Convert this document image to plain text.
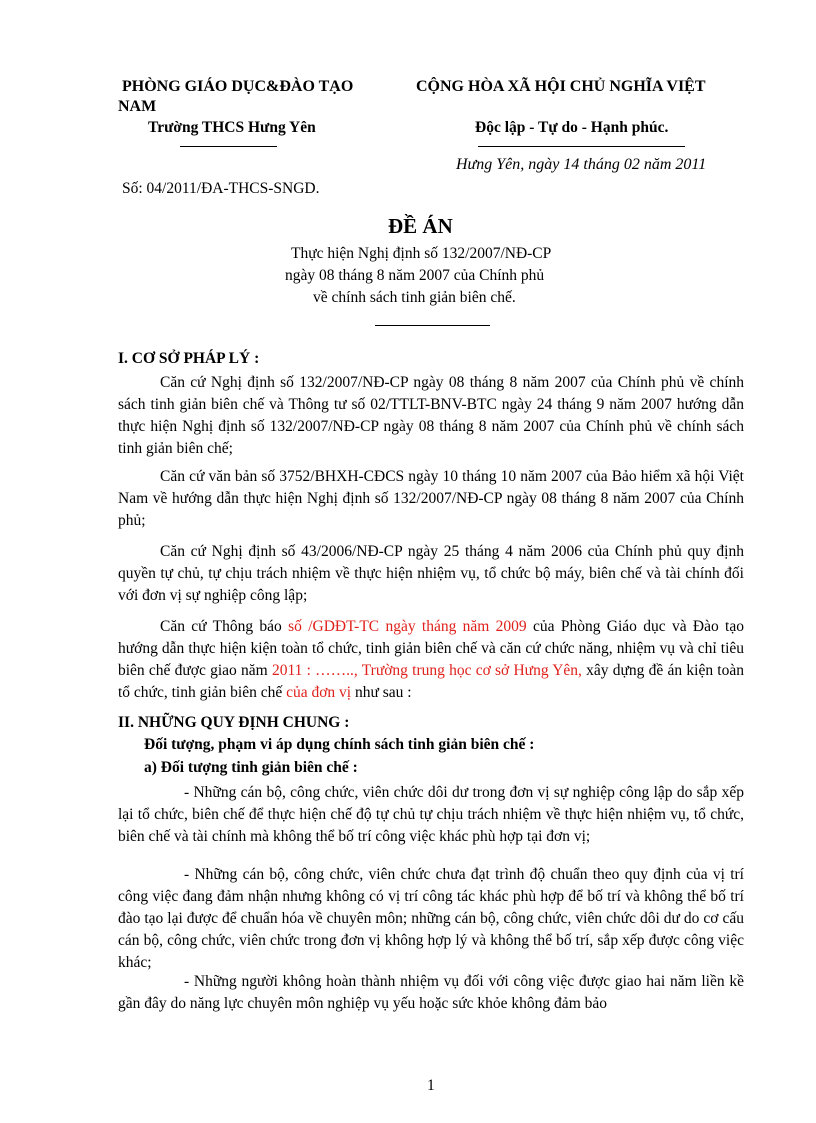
PHÒNG GIÁO DỤC&ĐÀO TẠO
NAM
Trường THCS Hưng Yên
CỘNG HÒA XÃ HỘI CHỦ NGHĨA VIỆT
Độc lập - Tự do - Hạnh phúc.
Hưng Yên, ngày 14 tháng 02 năm 2011
Số: 04/2011/ĐA-THCS-SNGD.
ĐỀ ÁN
Thực hiện Nghị định số 132/2007/NĐ-CP
ngày 08 tháng 8 năm 2007 của Chính phủ
về chính sách tinh giản biên chế.
I. CƠ SỞ PHÁP LÝ :
Căn cứ Nghị định số 132/2007/NĐ-CP ngày 08 tháng 8 năm 2007 của Chính phủ về chính sách tinh giản biên chế và Thông tư số 02/TTLT-BNV-BTC ngày 24 tháng 9 năm 2007 hướng dẫn thực hiện Nghị định số 132/2007/NĐ-CP ngày 08 tháng 8 năm 2007 của Chính phủ về chính sách tinh giản biên chế;
Căn cứ văn bản số 3752/BHXH-CĐCS ngày 10 tháng 10 năm 2007 của Bảo hiểm xã hội Việt Nam về hướng dẫn thực hiện Nghị định số 132/2007/NĐ-CP ngày 08 tháng 8 năm 2007 của Chính phủ;
Căn cứ Nghị định số 43/2006/NĐ-CP ngày 25 tháng 4 năm 2006 của Chính phủ quy định quyền tự chủ, tự chịu trách nhiệm về thực hiện nhiệm vụ, tổ chức bộ máy, biên chế và tài chính đối với đơn vị sự nghiệp công lập;
Căn cứ Thông báo số /GDĐT-TC ngày tháng năm 2009 của Phòng Giáo dục và Đào tạo hướng dẫn thực hiện kiện toàn tổ chức, tinh giản biên chế và căn cứ chức năng, nhiệm vụ và chỉ tiêu biên chế được giao năm 2011 : …….., Trường trung học cơ sở Hưng Yên, xây dựng đề án kiện toàn tổ chức, tinh giản biên chế của đơn vị như sau :
II. NHỮNG QUY ĐỊNH CHUNG :
Đối tượng, phạm vi áp dụng chính sách tinh giản biên chế :
a) Đối tượng tinh giản biên chế :
- Những cán bộ, công chức, viên chức dôi dư trong đơn vị sự nghiệp công lập do sắp xếp lại tổ chức, biên chế để thực hiện chế độ tự chủ tự chịu trách nhiệm về thực hiện nhiệm vụ, tổ chức, biên chế và tài chính mà không thể bố trí công việc khác phù hợp tại đơn vị;
- Những cán bộ, công chức, viên chức chưa đạt trình độ chuẩn theo quy định của vị trí công việc đang đảm nhận nhưng không có vị trí công tác khác phù hợp để bố trí và không thể bố trí đào tạo lại được để chuẩn hóa về chuyên môn; những cán bộ, công chức, viên chức dôi dư do cơ cấu cán bộ, công chức, viên chức trong đơn vị không hợp lý và không thể bố trí, sắp xếp được công việc khác;
- Những người không hoàn thành nhiệm vụ đối với công việc được giao hai năm liền kề gần đây do năng lực chuyên môn nghiệp vụ yếu hoặc sức khỏe không đảm bảo
1
